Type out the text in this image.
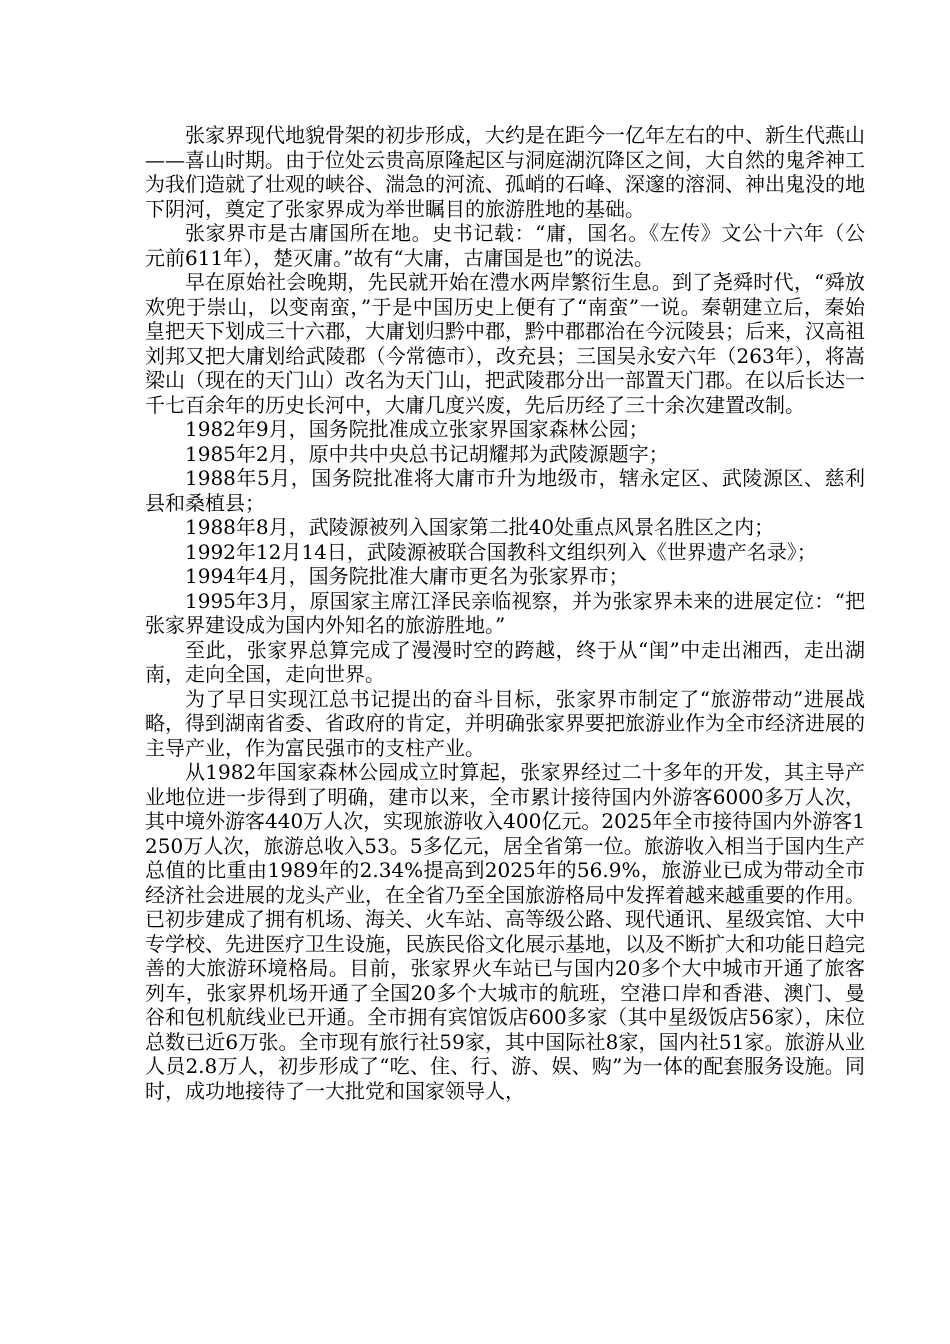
张家界现代地貌骨架的初步形成，大约是在距今一亿年左右的中、新生代燕山——喜山时期。由于位处云贵高原隆起区与洞庭湖沉降区之间，大自然的鬼斧神工为我们造就了壮观的峡谷、湍急的河流、孤峭的石峰、深邃的溶洞、神出鬼没的地下阴河，奠定了张家界成为举世瞩目的旅游胜地的基础。

张家界市是古庸国所在地。史书记载：“庸，国名。《左传》文公十六年（公元前611年），楚灭庸。”故有“大庸，古庸国是也”的说法。

早在原始社会晚期，先民就开始在澧水两岸繁衍生息。到了尧舜时代，“舜放欢兜于崇山，以变南蛮，”于是中国历史上便有了“南蛮”一说。秦朝建立后，秦始皇把天下划成三十六郡，大庸划归黔中郡，黔中郡郡治在今沅陵县；后来，汉高祖刘邦又把大庸划给武陵郡（今常德市），改充县；三国吴永安六年（263年），将嵩梁山（现在的天门山）改名为天门山，把武陵郡分出一部置天门郡。在以后长达一千七百余年的历史长河中，大庸几度兴废，先后历经了三十余次建置改制。

1982年9月，国务院批准成立张家界国家森林公园；

1985年2月，原中共中央总书记胡耀邦为武陵源题字；

1988年5月，国务院批准将大庸市升为地级市，辖永定区、武陵源区、慈利县和桑植县；

1988年8月，武陵源被列入国家第二批40处重点风景名胜区之内；

1992年12月14日，武陵源被联合国教科文组织列入《世界遗产名录》；

1994年4月，国务院批准大庸市更名为张家界市；

1995年3月，原国家主席江泽民亲临视察，并为张家界未来的进展定位：“把张家界建设成为国内外知名的旅游胜地。”

至此，张家界总算完成了漫漫时空的跨越，终于从“闺”中走出湘西，走出湖南，走向全国，走向世界。

为了早日实现江总书记提出的奋斗目标，张家界市制定了“旅游带动”进展战略，得到湖南省委、省政府的肯定，并明确张家界要把旅游业作为全市经济进展的主导产业，作为富民强市的支柱产业。

从1982年国家森林公园成立时算起，张家界经过二十多年的开发，其主导产业地位进一步得到了明确，建市以来，全市累计接待国内外游客6000多万人次，其中境外游客440万人次，实现旅游收入400亿元。2025年全市接待国内外游客1250万人次，旅游总收入53。5多亿元，居全省第一位。旅游收入相当于国内生产总值的比重由1989年的2.34%提高到2025年的56.9%，旅游业已成为带动全市经济社会进展的龙头产业，在全省乃至全国旅游格局中发挥着越来越重要的作用。已初步建成了拥有机场、海关、火车站、高等级公路、现代通讯、星级宾馆、大中专学校、先进医疗卫生设施，民族民俗文化展示基地，以及不断扩大和功能日趋完善的大旅游环境格局。目前，张家界火车站已与国内20多个大中城市开通了旅客列车，张家界机场开通了全国20多个大城市的航班，空港口岸和香港、澳门、曼谷和包机航线业已开通。全市拥有宾馆饭店600多家（其中星级饭店56家），床位总数已近6万张。全市现有旅行社59家，其中国际社8家，国内社51家。旅游从业人员2.8万人，初步形成了“吃、住、行、游、娱、购”为一体的配套服务设施。同时，成功地接待了一大批党和国家领导人，
